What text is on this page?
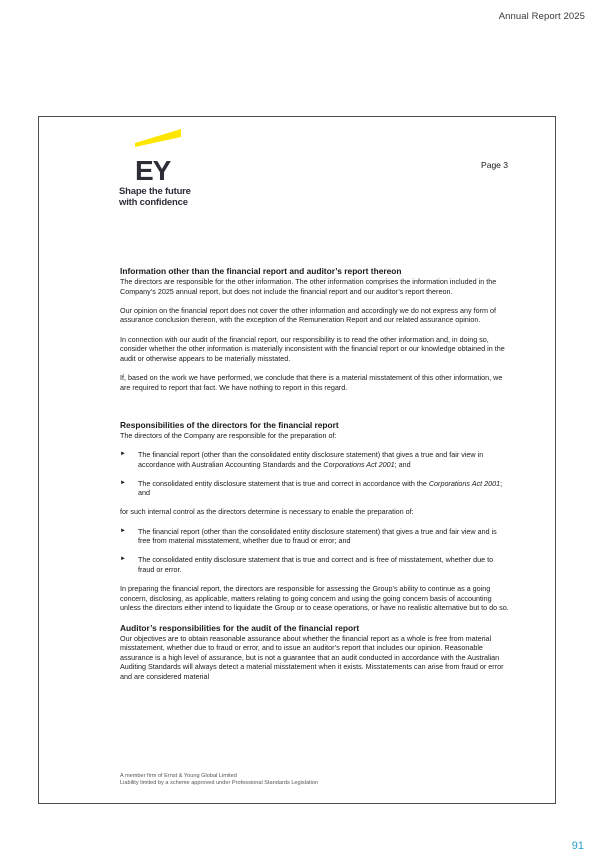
Annual Report 2025
EY
Shape the future
with confidence
Page 3
Information other than the financial report and auditor’s report thereon

The directors are responsible for the other information. The other information comprises the information included in the Company’s 2025 annual report, but does not include the financial report and our auditor’s report thereon.

Our opinion on the financial report does not cover the other information and accordingly we do not express any form of assurance conclusion thereon, with the exception of the Remuneration Report and our related assurance opinion.

In connection with our audit of the financial report, our responsibility is to read the other information and, in doing so, consider whether the other information is materially inconsistent with the financial report or our knowledge obtained in the audit or otherwise appears to be materially misstated.

If, based on the work we have performed, we conclude that there is a material misstatement of this other information, we are required to report that fact. We have nothing to report in this regard.

Responsibilities of the directors for the financial report

The directors of the Company are responsible for the preparation of:

► The financial report (other than the consolidated entity disclosure statement) that gives a true and fair view in accordance with Australian Accounting Standards and the Corporations Act 2001; and
► The consolidated entity disclosure statement that is true and correct in accordance with the Corporations Act 2001; and

for such internal control as the directors determine is necessary to enable the preparation of:

► The financial report (other than the consolidated entity disclosure statement) that gives a true and fair view and is free from material misstatement, whether due to fraud or error; and
► The consolidated entity disclosure statement that is true and correct and is free of misstatement, whether due to fraud or error.

In preparing the financial report, the directors are responsible for assessing the Group’s ability to continue as a going concern, disclosing, as applicable, matters relating to going concern and using the going concern basis of accounting unless the directors either intend to liquidate the Group or to cease operations, or have no realistic alternative but to do so.

Auditor’s responsibilities for the audit of the financial report

Our objectives are to obtain reasonable assurance about whether the financial report as a whole is free from material misstatement, whether due to fraud or error, and to issue an auditor’s report that includes our opinion. Reasonable assurance is a high level of assurance, but is not a guarantee that an audit conducted in accordance with the Australian Auditing Standards will always detect a material misstatement when it exists. Misstatements can arise from fraud or error and are considered material

A member firm of Ernst & Young Global Limited
Liability limited by a scheme approved under Professional Standards Legislation
91
